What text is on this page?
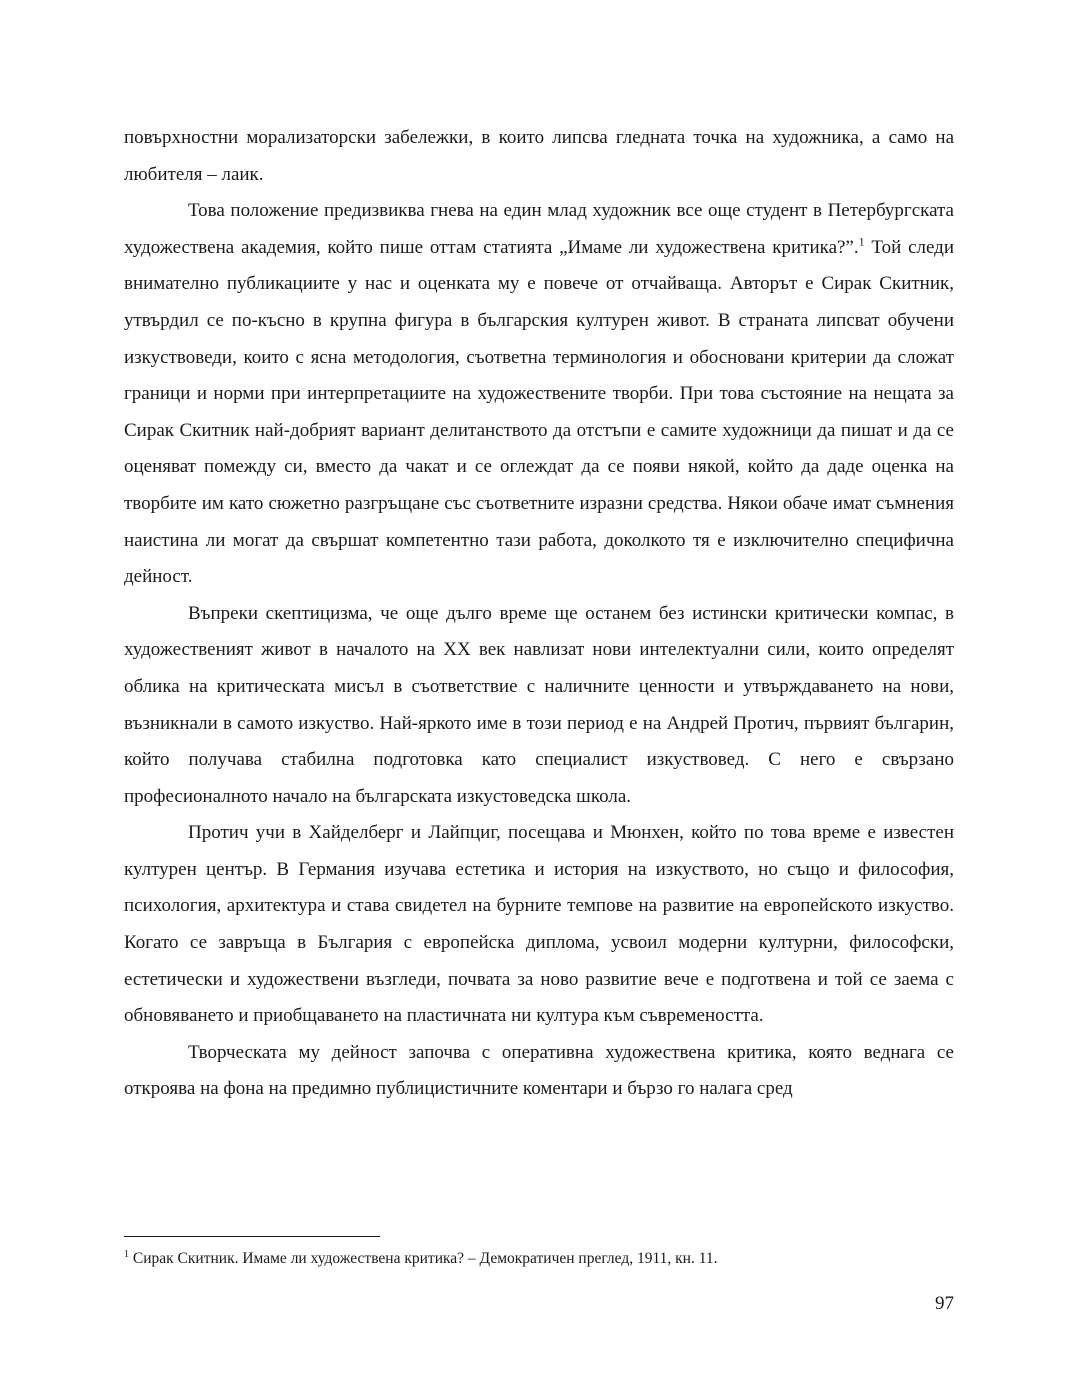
повърхностни морализаторски забележки, в които липсва гледната точка на художника, а само на любителя – лаик.

Това положение предизвиква гнева на един млад художник все още студент в Петербургската художествена академия, който пише оттам статията „Имаме ли художествена критика?”.$^1$ Той следи внимателно публикациите у нас и оценката му е повече от отчайваща. Авторът е Сирак Скитник, утвърдил се по-късно в крупна фигура в българския културен живот. В страната липсват обучени изкуствоведи, които с ясна методология, съответна терминология и обосновани критерии да сложат граници и норми при интерпретациите на художествените творби. При това състояние на нещата за Сирак Скитник най-добрият вариант делитанството да отстъпи е самите художници да пишат и да се оценяват помежду си, вместо да чакат и се оглеждат да се появи някой, който да даде оценка на творбите им като сюжетно разгръщане със съответните изразни средства. Някои обаче имат съмнения наистина ли могат да свършат компетентно тази работа, доколкото тя е изключително специфична дейност.

Въпреки скептицизма, че още дълго време ще останем без истински критически компас, в художественият живот в началото на XX век навлизат нови интелектуални сили, които определят облика на критическата мисъл в съответствие с наличните ценности и утвърждаването на нови, възникнали в самото изкуство. Най-яркото име в този период е на Андрей Протич, първият българин, който получава стабилна подготовка като специалист изкуствовед. С него е свързано професионалното начало на българската изкустоведска школа.

Протич учи в Хайделберг и Лайпциг, посещава и Мюнхен, който по това време е известен културен център. В Германия изучава естетика и история на изкуството, но също и философия, психология, архитектура и става свидетел на бурните темпове на развитие на европейското изкуство. Когато се завръща в България с европейска диплома, усвоил модерни културни, философски, естетически и художествени възгледи, почвата за ново развитие вече е подготвена и той се заема с обновяването и приобщаването на пластичната ни култура към съвремеността.

Творческата му дейност започва с оперативна художествена критика, която веднага се откроява на фона на предимно публицистичните коментари и бързо го налага сред

$^1$ Сирак Скитник. Имаме ли художествена критика? – Демократичен преглед, 1911, кн. 11.
97
